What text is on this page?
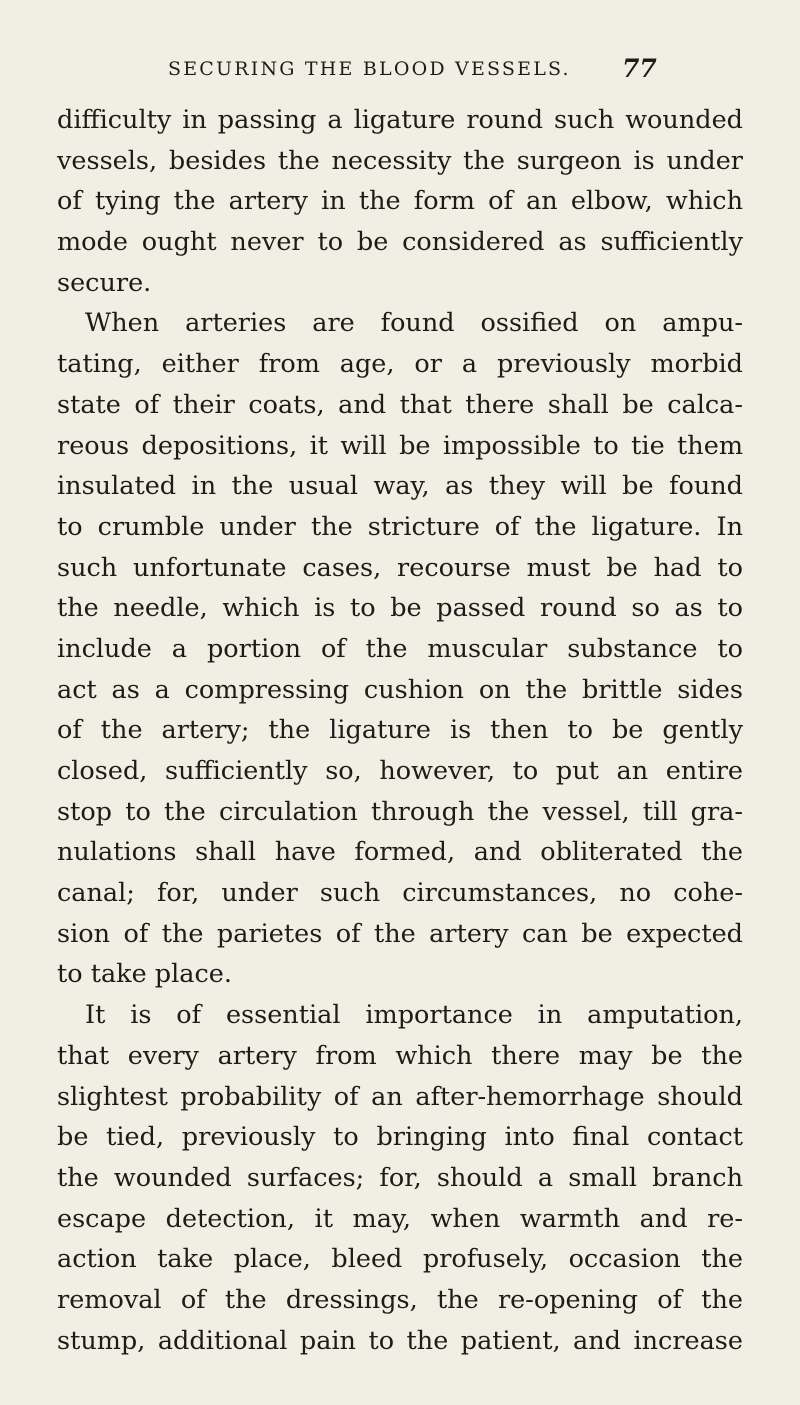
SECURING THE BLOOD VESSELS.	77
difficulty in passing a ligature round such wounded
vessels, besides the necessity the surgeon is under
of tying the artery in the form of an elbow, which
mode ought never to be considered as sufficiently
secure.
When arteries are found ossified on ampu-
tating, either from age, or a previously morbid
state of their coats, and that there shall be calca-
reous depositions, it will be impossible to tie them
insulated in the usual way, as they will be found
to crumble under the stricture of the ligature. In
such unfortunate cases, recourse must be had to
the needle, which is to be passed round so as to
include a portion of the muscular substance to
act as a compressing cushion on the brittle sides
of the artery; the ligature is then to be gently
closed, sufficiently so, however, to put an entire
stop to the circulation through the vessel, till gra-
nulations shall have formed, and obliterated the
canal; for, under such circumstances, no cohe-
sion of the parietes of the artery can be expected
to take place.
It is of essential importance in amputation,
that every artery from which there may be the
slightest probability of an after-hemorrhage should
be tied, previously to bringing into final contact
the wounded surfaces; for, should a small branch
escape detection, it may, when warmth and re-
action take place, bleed profusely, occasion the
removal of the dressings, the re-opening of the
stump, additional pain to the patient, and increase
